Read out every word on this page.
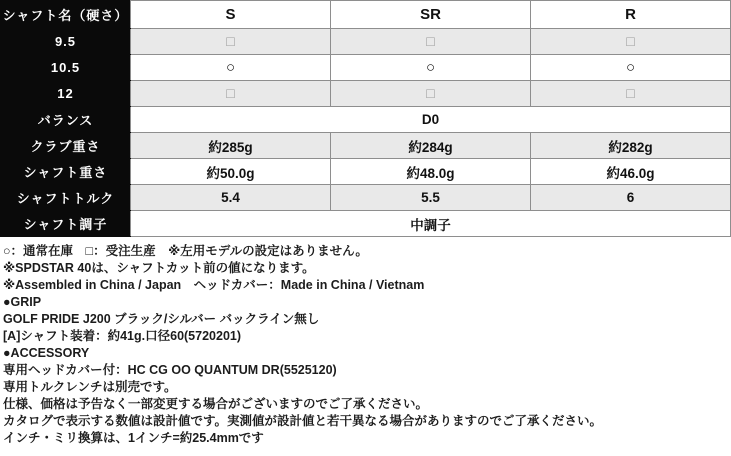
シャフト名（硬さ）	S	SR	R
9.5	□	□	□
10.5	○	○	○
12	□	□	□
バランス	D0		
クラブ重さ	約285g	約284g	約282g
シャフト重さ	約50.0g	約48.0g	約46.0g
シャフトトルク	5.4	5.5	6
シャフト調子	中調子		
○：通常在庫　□：受注生産　※左用モデルの設定はありません。
※SPDSTAR 40は、シャフトカット前の値になります。
※Assembled in China / Japan　ヘッドカバー：Made in China / Vietnam
●GRIP
GOLF PRIDE J200 ブラック/シルバー バックライン無し
[A]シャフト装着：約41g.口径60(5720201)
●ACCESSORY
専用ヘッドカバー付：HC CG OO QUANTUM DR(5525120)
専用トルクレンチは別売です。
仕様、価格は予告なく一部変更する場合がございますのでご了承ください。
カタログで表示する数値は設計値です。実測値が設計値と若干異なる場合がありますのでご了承ください。
インチ・ミリ換算は、1インチ=約25.4mmです
